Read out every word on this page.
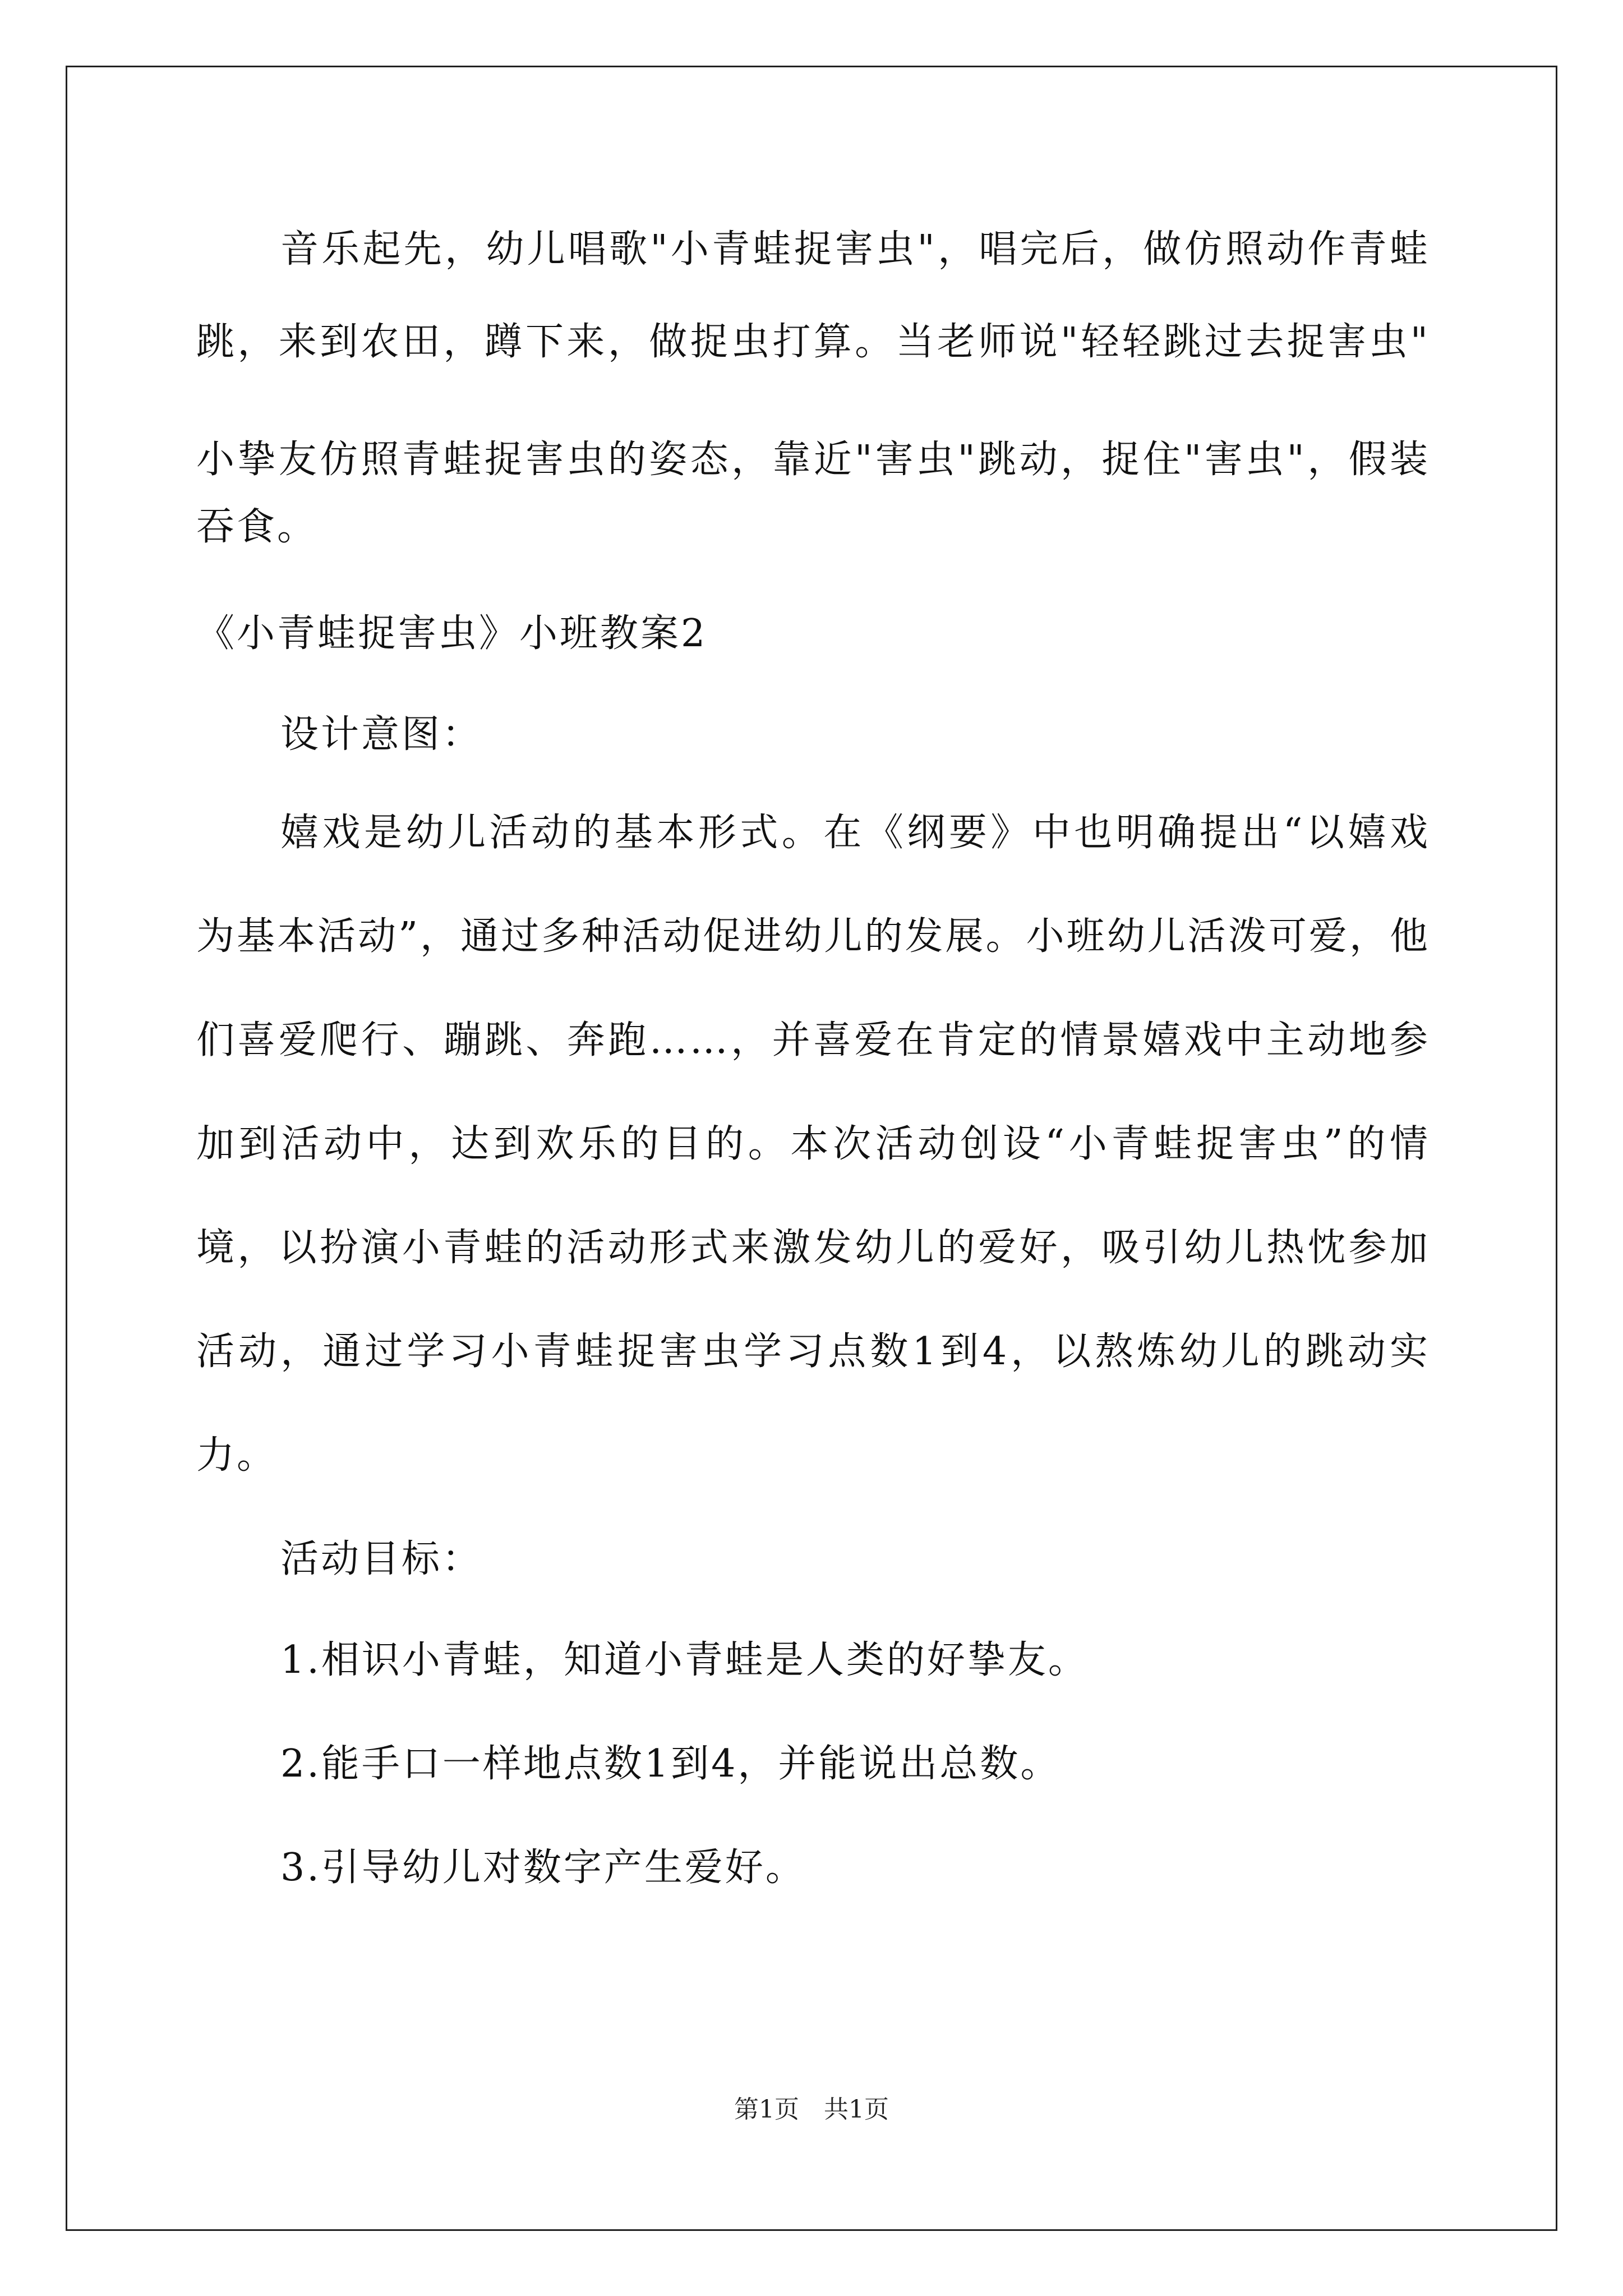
音乐起先，幼儿唱歌"小青蛙捉害虫"，唱完后，做仿照动作青蛙
跳，来到农田，蹲下来，做捉虫打算。当老师说"轻轻跳过去捉害虫"
小挚友仿照青蛙捉害虫的姿态，靠近"害虫"跳动，捉住"害虫"，假装
吞食。
《小青蛙捉害虫》小班教案2
设计意图：
嬉戏是幼儿活动的基本形式。在《纲要》中也明确提出“以嬉戏
为基本活动”，通过多种活动促进幼儿的发展。小班幼儿活泼可爱，他
们喜爱爬行、蹦跳、奔跑……，并喜爱在肯定的情景嬉戏中主动地参
加到活动中，达到欢乐的目的。本次活动创设“小青蛙捉害虫”的情
境，以扮演小青蛙的活动形式来激发幼儿的爱好，吸引幼儿热忱参加
活动，通过学习小青蛙捉害虫学习点数1到4，以熬炼幼儿的跳动实
力。
活动目标：
1.相识小青蛙，知道小青蛙是人类的好挚友。
2.能手口一样地点数1到4，并能说出总数。
3.引导幼儿对数字产生爱好。
第1页　共1页
